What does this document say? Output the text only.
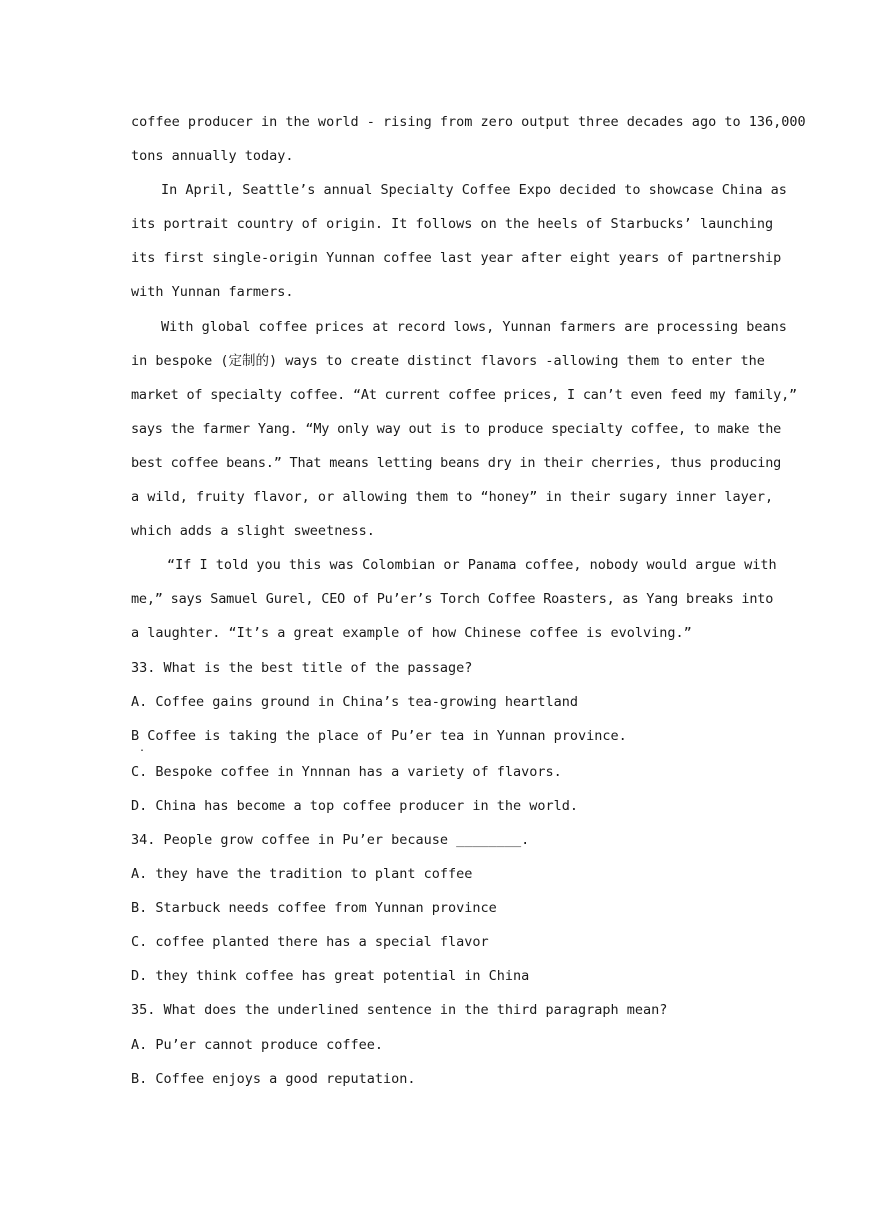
coffee producer in the world - rising from zero output three decades ago to 136,000
tons annually today.
In April, Seattle’s annual Specialty Coffee Expo decided to showcase China as
its portrait country of origin. It follows on the heels of Starbucks’ launching
its first single-origin Yunnan coffee last year after eight years of partnership
with Yunnan farmers.
With global coffee prices at record lows, Yunnan farmers are processing beans
in bespoke (定制的) ways to create distinct flavors -allowing them to enter the
market of specialty coffee. “At current coffee prices, I can’t even feed my family,”
says the farmer Yang. “My only way out is to produce specialty coffee, to make the
best coffee beans.” That means letting beans dry in their cherries, thus producing
a wild, fruity flavor, or allowing them to “honey” in their sugary inner layer,
which adds a slight sweetness.
“If I told you this was Colombian or Panama coffee, nobody would argue with
me,” says Samuel Gurel, CEO of Pu’er’s Torch Coffee Roasters, as Yang breaks into
a laughter. “It’s a great example of how Chinese coffee is evolving.”
33. What is the best title of the passage?
A. Coffee gains ground in China’s tea-growing heartland
B Coffee is taking the place of Pu’er tea in Yunnan province.
.
C. Bespoke coffee in Ynnnan has a variety of flavors.
D. China has become a top coffee producer in the world.
34. People grow coffee in Pu’er because ________.
A. they have the tradition to plant coffee
B. Starbuck needs coffee from Yunnan province
C. coffee planted there has a special flavor
D. they think coffee has great potential in China
35. What does the underlined sentence in the third paragraph mean?
A. Pu’er cannot produce coffee.
B. Coffee enjoys a good reputation.
